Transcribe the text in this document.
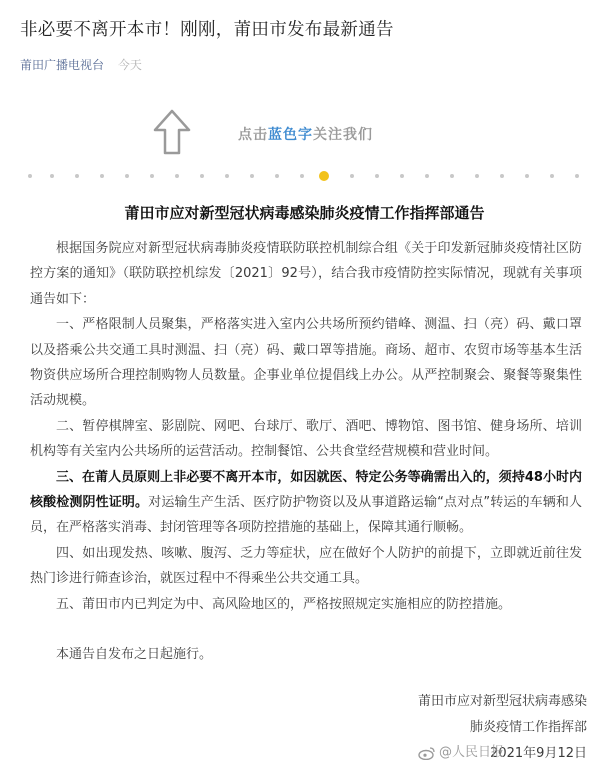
非必要不离开本市！刚刚，莆田市发布最新通告
莆田广播电视台 今天
点击蓝色字关注我们
莆田市应对新型冠状病毒感染肺炎疫情工作指挥部通告

根据国务院应对新型冠状病毒肺炎疫情联防联控机制综合组《关于印发新冠肺炎疫情社区防控方案的通知》（联防联控机综发〔2021〕92号），结合我市疫情防控实际情况，现就有关事项通告如下：

一、严格限制人员聚集，严格落实进入室内公共场所预约错峰、测温、扫（亮）码、戴口罩以及搭乘公共交通工具时测温、扫（亮）码、戴口罩等措施。商场、超市、农贸市场等基本生活物资供应场所合理控制购物人员数量。企事业单位提倡线上办公。从严控制聚会、聚餐等聚集性活动规模。

二、暂停棋牌室、影剧院、网吧、台球厅、歌厅、酒吧、博物馆、图书馆、健身场所、培训机构等有关室内公共场所的运营活动。控制餐馆、公共食堂经营规模和营业时间。

三、在莆人员原则上非必要不离开本市，如因就医、特定公务等确需出入的，须持48小时内核酸检测阴性证明。对运输生产生活、医疗防护物资以及从事道路运输“点对点”转运的车辆和人员，在严格落实消毒、封闭管理等各项防控措施的基础上，保障其通行顺畅。

四、如出现发热、咳嗽、腹泻、乏力等症状，应在做好个人防护的前提下，立即就近前往发热门诊进行筛查诊治，就医过程中不得乘坐公共交通工具。

五、莆田市内已判定为中、高风险地区的，严格按照规定实施相应的防控措施。

本通告自发布之日起施行。

莆田市应对新型冠状病毒感染
肺炎疫情工作指挥部
2021年9月12日
@人民日报
